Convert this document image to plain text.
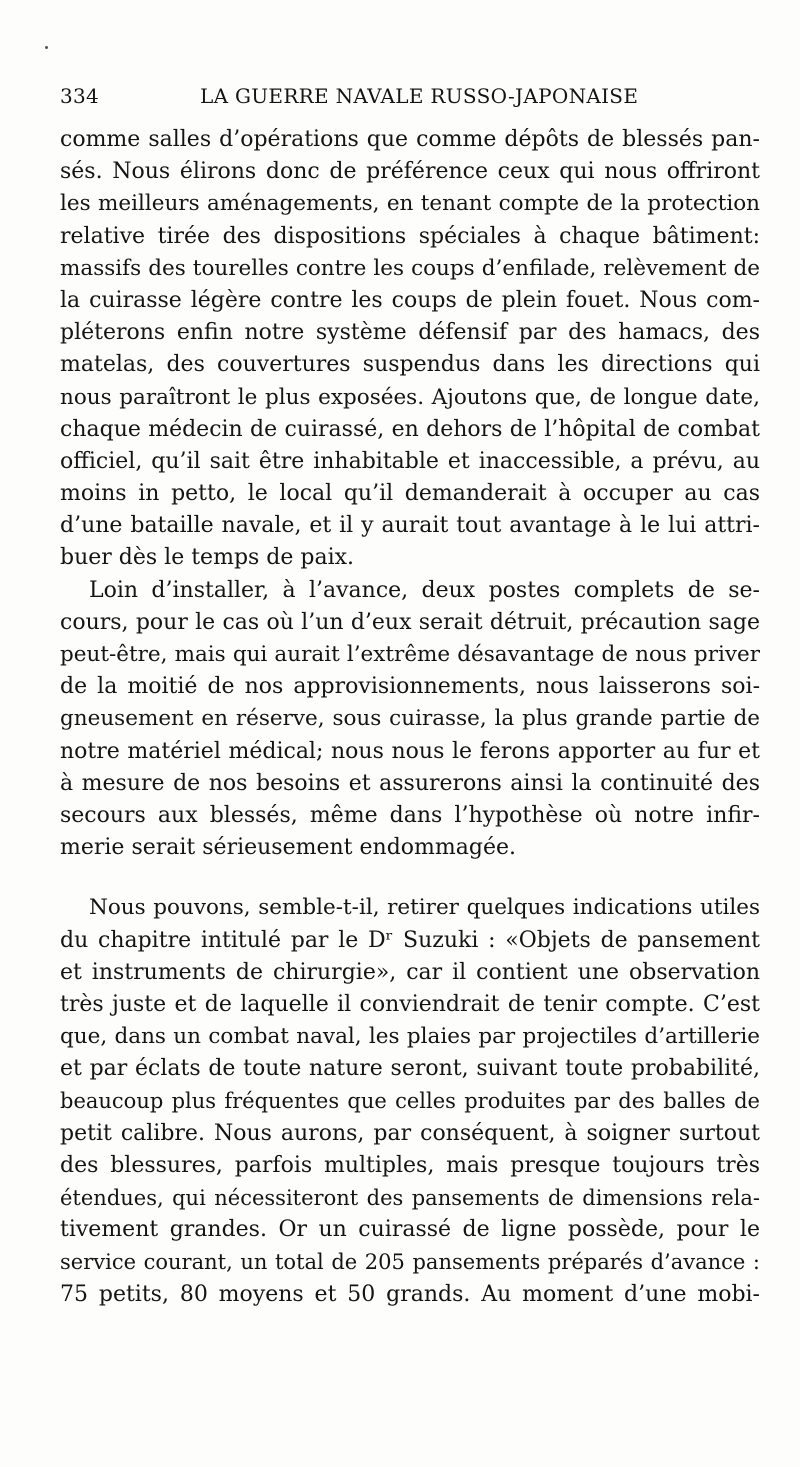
334	LA GUERRE NAVALE RUSSO-JAPONAISE
comme salles d’opérations que comme dépôts de blessés pan-
sés. Nous élirons donc de préférence ceux qui nous offriront
les meilleurs aménagements, en tenant compte de la protection
relative tirée des dispositions spéciales à chaque bâtiment:
massifs des tourelles contre les coups d’enfilade, relèvement de
la cuirasse légère contre les coups de plein fouet. Nous com-
pléterons enfin notre système défensif par des hamacs, des
matelas, des couvertures suspendus dans les directions qui
nous paraîtront le plus exposées. Ajoutons que, de longue date,
chaque médecin de cuirassé, en dehors de l’hôpital de combat
officiel, qu’il sait être inhabitable et inaccessible, a prévu, au
moins in petto, le local qu’il demanderait à occuper au cas
d’une bataille navale, et il y aurait tout avantage à le lui attri-
buer dès le temps de paix.
Loin d’installer, à l’avance, deux postes complets de se-
cours, pour le cas où l’un d’eux serait détruit, précaution sage
peut-être, mais qui aurait l’extrême désavantage de nous priver
de la moitié de nos approvisionnements, nous laisserons soi-
gneusement en réserve, sous cuirasse, la plus grande partie de
notre matériel médical; nous nous le ferons apporter au fur et
à mesure de nos besoins et assurerons ainsi la continuité des
secours aux blessés, même dans l’hypothèse où notre infir-
merie serait sérieusement endommagée.
Nous pouvons, semble-t-il, retirer quelques indications utiles
du chapitre intitulé par le Dʳ Suzuki : «Objets de pansement
et instruments de chirurgie», car il contient une observation
très juste et de laquelle il conviendrait de tenir compte. C’est
que, dans un combat naval, les plaies par projectiles d’artillerie
et par éclats de toute nature seront, suivant toute probabilité,
beaucoup plus fréquentes que celles produites par des balles de
petit calibre. Nous aurons, par conséquent, à soigner surtout
des blessures, parfois multiples, mais presque toujours très
étendues, qui nécessiteront des pansements de dimensions rela-
tivement grandes. Or un cuirassé de ligne possède, pour le
service courant, un total de 205 pansements préparés d’avance :
75 petits, 80 moyens et 50 grands. Au moment d’une mobi-
